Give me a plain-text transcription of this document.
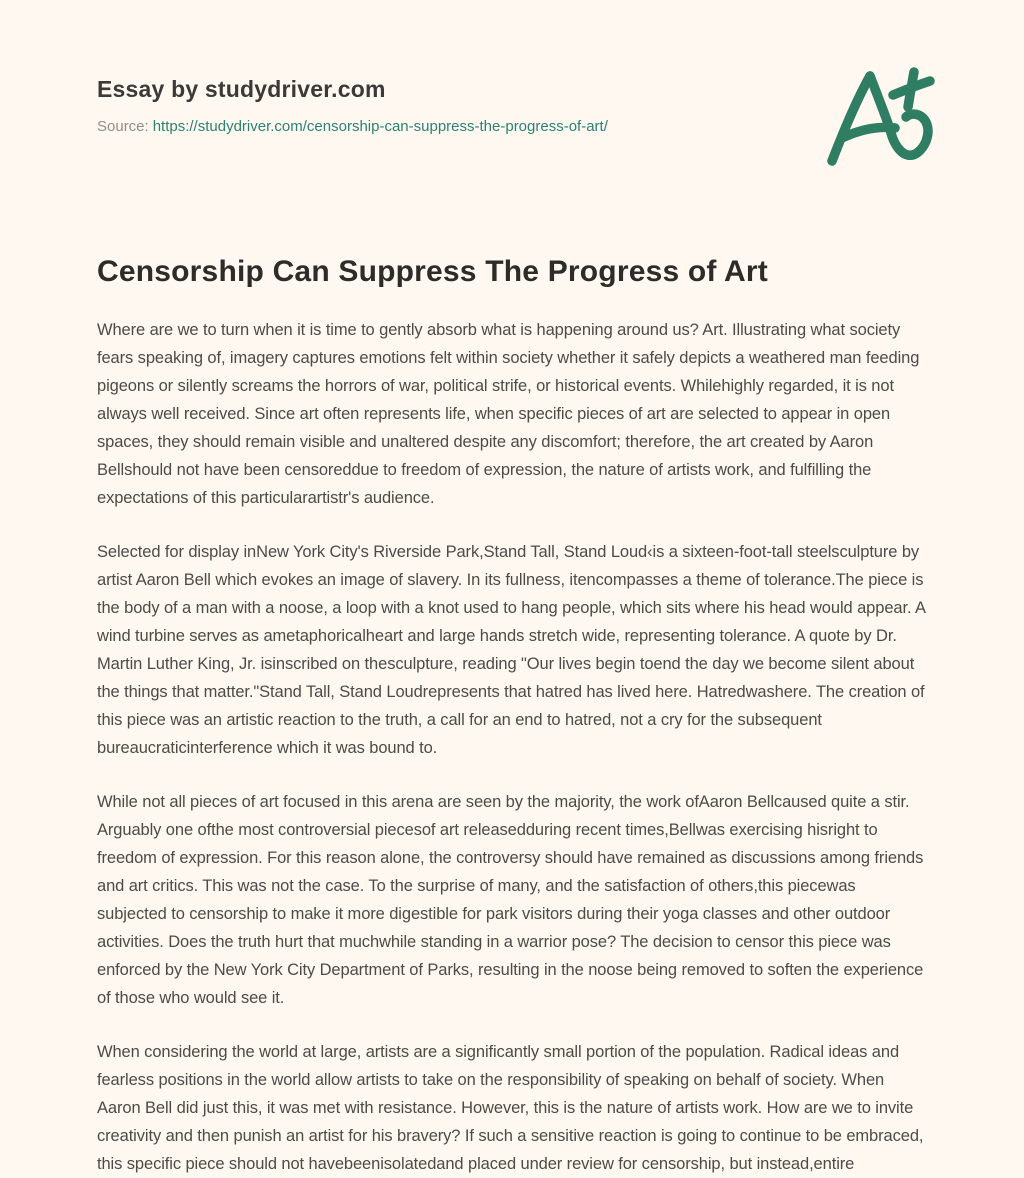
Essay by studydriver.com
Source: https://studydriver.com/censorship-can-suppress-the-progress-of-art/
Censorship Can Suppress The Progress of Art

Where are we to turn when it is time to gently absorb what is happening around us? Art. Illustrating what society fears speaking of, imagery captures emotions felt within society whether it safely depicts a weathered man feeding pigeons or silently screams the horrors of war, political strife, or historical events. Whilehighly regarded, it is not always well received. Since art often represents life, when specific pieces of art are selected to appear in open spaces, they should remain visible and unaltered despite any discomfort; therefore, the art created by Aaron Bellshould not have been censoreddue to freedom of expression, the nature of artists work, and fulfilling the expectations of this particularartistr's audience.

Selected for display inNew York City's Riverside Park,Stand Tall, Stand Loud‹is a sixteen-foot-tall steelsculpture by artist Aaron Bell which evokes an image of slavery. In its fullness, itencompasses a theme of tolerance.The piece is the body of a man with a noose, a loop with a knot used to hang people, which sits where his head would appear. A wind turbine serves as ametaphoricalheart and large hands stretch wide, representing tolerance. A quote by Dr. Martin Luther King, Jr. isinscribed on thesculpture, reading "Our lives begin toend the day we become silent about the things that matter."Stand Tall, Stand Loudrepresents that hatred has lived here. Hatredwashere. The creation of this piece was an artistic reaction to the truth, a call for an end to hatred, not a cry for the subsequent bureaucraticinterference which it was bound to.

While not all pieces of art focused in this arena are seen by the majority, the work ofAaron Bellcaused quite a stir. Arguably one ofthe most controversial piecesof art releasedduring recent times,Bellwas exercising hisright to freedom of expression. For this reason alone, the controversy should have remained as discussions among friends and art critics. This was not the case. To the surprise of many, and the satisfaction of others,this piecewas subjected to censorship to make it more digestible for park visitors during their yoga classes and other outdoor activities. Does the truth hurt that muchwhile standing in a warrior pose? The decision to censor this piece was enforced by the New York City Department of Parks, resulting in the noose being removed to soften the experience of those who would see it.

When considering the world at large, artists are a significantly small portion of the population. Radical ideas and fearless positions in the world allow artists to take on the responsibility of speaking on behalf of society. When Aaron Bell did just this, it was met with resistance. However, this is the nature of artists work. How are we to invite creativity and then punish an artist for his bravery? If such a sensitive reaction is going to continue to be embraced, this specific piece should not havebeenisolatedand placed under review for censorship, but instead,entire
